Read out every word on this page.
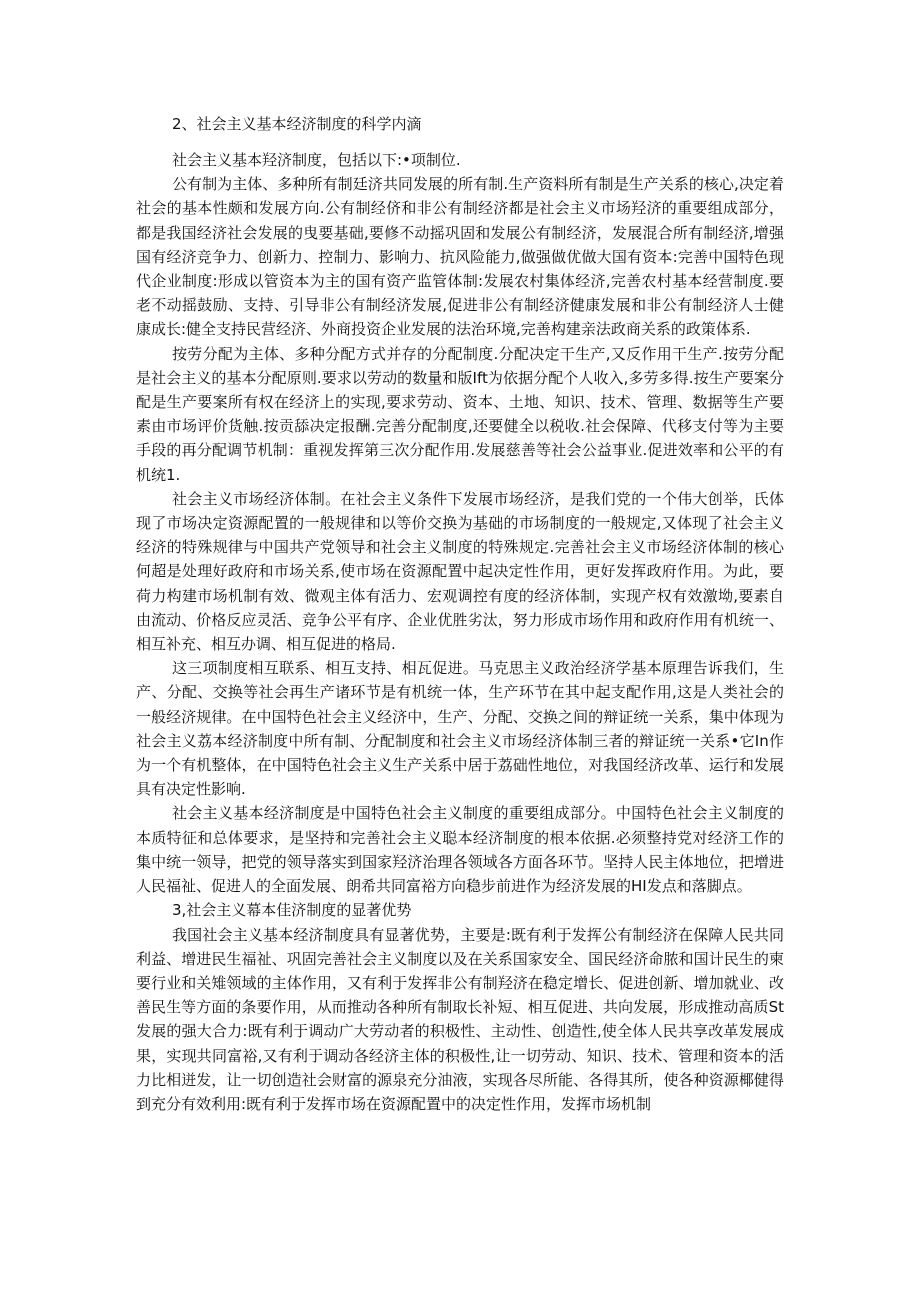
2、社会主义基本经济制度的科学内滴

社会主义基本羟济制度，包括以下:•项制位.

公有制为主体、多种所有制廷济共同发展的所有制.生产资料所有制是生产关系的核心,决定着社会的基本性颇和发展方向.公有制经侪和非公有制经济都是社会主义市场羟济的重要组成部分，都是我国经济社会发展的曳要基础,要修不动摇巩固和发展公有制经济，发展混合所有制经济,增强国有经济竞争力、创新力、控制力、影响力、抗风险能力,做强做优做大国有资本:完善中国特色现代企业制度:形成以管资本为主的国有资产监管体制:发展农村集体经济,完善农村基本经营制度.要老不动摇鼓励、支持、引导非公有制经济发展,促进非公有制经济健康发展和非公有制经济人士健康成长:健全支持民营经济、外商投资企业发展的法治环境,完善构建亲法政商关系的政策体系.

按劳分配为主体、多种分配方式并存的分配制度.分配决定干生产,又反作用干生产.按劳分配是社会主义的基本分配原则.要求以劳动的数量和版Ift为依据分配个人收入,多劳多得.按生产要案分配是生产要案所有权在经济上的实现,要求劳动、资本、土地、知识、技术、管理、数据等生产要素由市场评价货触.按贡舔决定报酬.完善分配制度,还要健全以税收.社会保障、代移支付等为主要手段的再分配调节机制：重视发挥第三次分配作用.发展慈善等社会公益事业.促进效率和公平的有机统1.

社会主义市场经济体制。在社会主义条件下发展市场经济，是我们党的一个伟大创举，氏体现了市场决定资源配置的一般规律和以等价交换为基础的市场制度的一般规定,又体现了社会主义经济的特殊规律与中国共产党领导和社会主义制度的特殊规定.完善社会主义市场经济体制的核心何超是处理好政府和市场关系,使市场在资源配置中起决定性作用，更好发挥政府作用。为此，要荷力构建市场机制有效、微观主体有活力、宏观调控有度的经济体制，实现产权有效激坳,要素自由流动、价格反应灵活、竞争公平有序、企业优胜劣汰，努力形成市场作用和政府作用有机统一、相互补充、相互办调、相互促进的格局.

这三项制度相互联系、相互支持、相瓦促进。马克思主义政治经济学基本原理告诉我们，生产、分配、交换等社会再生产诸环节是有机统一体，生产环节在其中起支配作用,这是人类社会的一般经济规律。在中国特色社会主义经济中，生产、分配、交换之间的辩证统一关系，集中体现为社会主义荔本经济制度中所有制、分配制度和社会主义市场经济体制三者的辩证统一关系•它In作为一个有机整体，在中国特色社会主义生产关系中居于荔础性地位，对我国经济改革、运行和发展具有决定性影响.

社会主义基本经济制度是中国特色社会主义制度的重要组成部分。中国特色社会主义制度的本质特征和总体要求，是坚持和完善社会主义聪本经济制度的根本依据.必须整持党对经济工作的集中统一领导，把党的领导落实到国家羟济治理各领域各方面各环节。坚持人民主体地位，把增进人民福祉、促进人的全面发展、朗希共同富裕方向稳步前进作为经济发展的HI发点和落脚点。

3,社会主义幕本佳济制度的显著优势

我国社会主义基本经济制度具有显著优势，主要是:既有利于发挥公有制经济在保障人民共同利益、增进民生福祉、巩固完善社会主义制度以及在关系国家安全、国民经济命脓和国计民生的柬要行业和关雉领域的主体作用，又有利于发挥非公有制羟济在稳定增长、促进创新、增加就业、改善民生等方面的条要作用，从而推动各种所有制取长补短、相互促进、共向发展，形成推动高质St发展的强大合力:既有利于调动广大劳动者的积极性、主动性、创造性,使全体人民共享改革发展成果，实现共同富裕,又有利于调动各经济主体的积极性,让一切劳动、知识、技术、管理和资本的活力比相迸发，让一切创造社会财富的源泉充分油液，实现各尽所能、各得其所，使各种资源椰健得到充分有效利用:既有利于发挥市场在资源配置中的决定性作用，发挥市场机制
